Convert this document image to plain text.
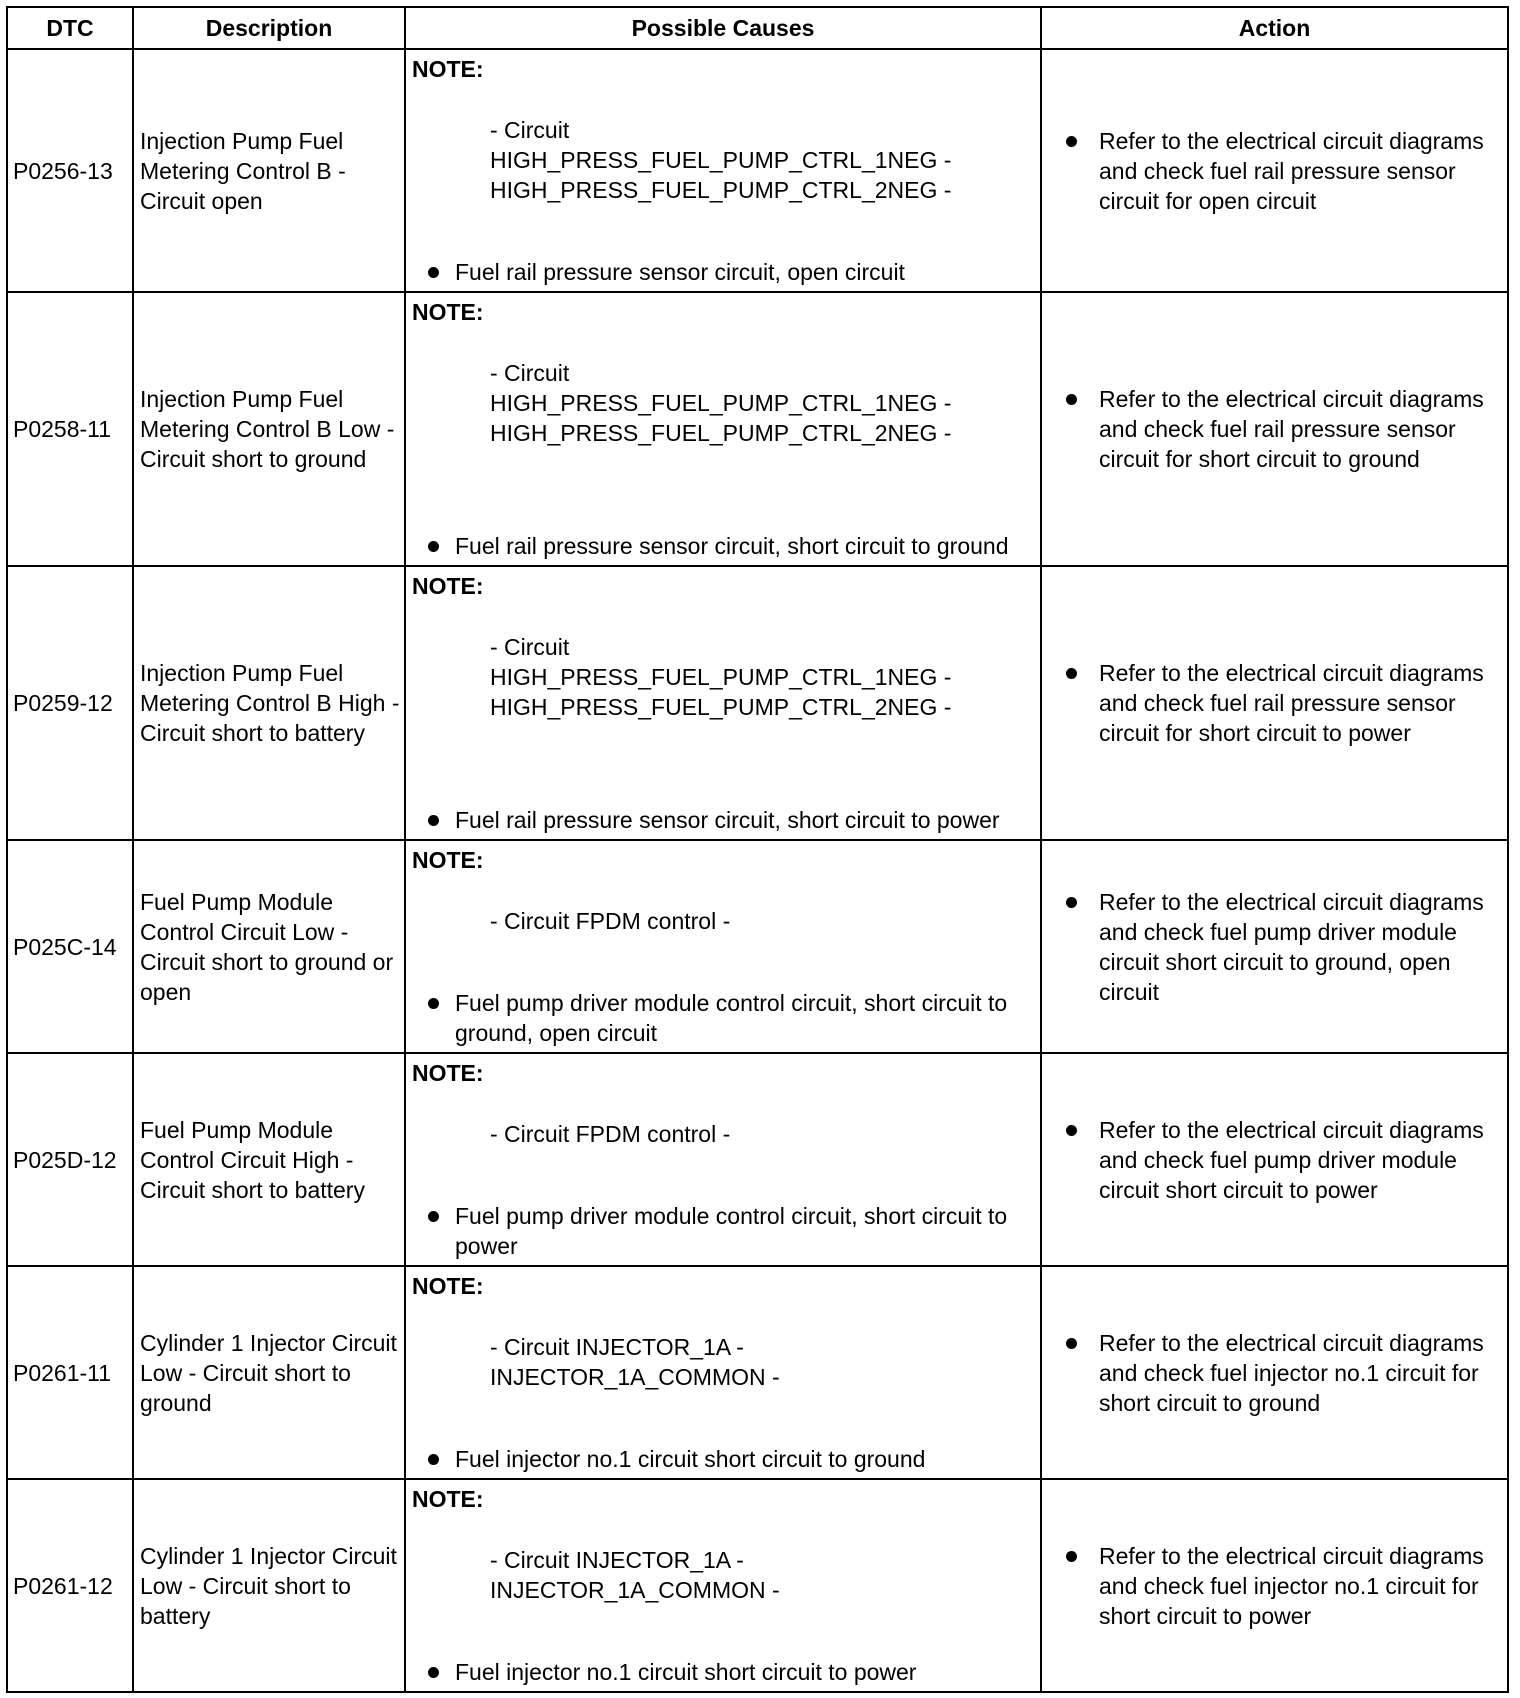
DTC	Description	Possible Causes	Action
P0256-13	Injection Pump Fuel Metering Control B - Circuit open	NOTE:
- Circuit
HIGH_PRESS_FUEL_PUMP_CTRL_1NEG -
HIGH_PRESS_FUEL_PUMP_CTRL_2NEG -
Fuel rail pressure sensor circuit, open circuit	Refer to the electrical circuit diagrams and check fuel rail pressure sensor circuit for open circuit

P0258-11	Injection Pump Fuel Metering Control B Low - Circuit short to ground	NOTE:
- Circuit
HIGH_PRESS_FUEL_PUMP_CTRL_1NEG -
HIGH_PRESS_FUEL_PUMP_CTRL_2NEG -
Fuel rail pressure sensor circuit, short circuit to ground	Refer to the electrical circuit diagrams and check fuel rail pressure sensor circuit for short circuit to ground

P0259-12	Injection Pump Fuel Metering Control B High - Circuit short to battery	NOTE:
- Circuit
HIGH_PRESS_FUEL_PUMP_CTRL_1NEG -
HIGH_PRESS_FUEL_PUMP_CTRL_2NEG -
Fuel rail pressure sensor circuit, short circuit to power	Refer to the electrical circuit diagrams and check fuel rail pressure sensor circuit for short circuit to power

P025C-14	Fuel Pump Module Control Circuit Low - Circuit short to ground or open	NOTE:
- Circuit FPDM control -
Fuel pump driver module control circuit, short circuit to ground, open circuit	Refer to the electrical circuit diagrams and check fuel pump driver module circuit short circuit to ground, open circuit

P025D-12	Fuel Pump Module Control Circuit High - Circuit short to battery	NOTE:
- Circuit FPDM control -
Fuel pump driver module control circuit, short circuit to power	Refer to the electrical circuit diagrams and check fuel pump driver module circuit short circuit to power

P0261-11	Cylinder 1 Injector Circuit Low - Circuit short to ground	NOTE:
- Circuit INJECTOR_1A -
INJECTOR_1A_COMMON -
Fuel injector no.1 circuit short circuit to ground	Refer to the electrical circuit diagrams and check fuel injector no.1 circuit for short circuit to ground

P0261-12	Cylinder 1 Injector Circuit Low - Circuit short to battery	NOTE:
- Circuit INJECTOR_1A -
INJECTOR_1A_COMMON -
Fuel injector no.1 circuit short circuit to power	Refer to the electrical circuit diagrams and check fuel injector no.1 circuit for short circuit to power
